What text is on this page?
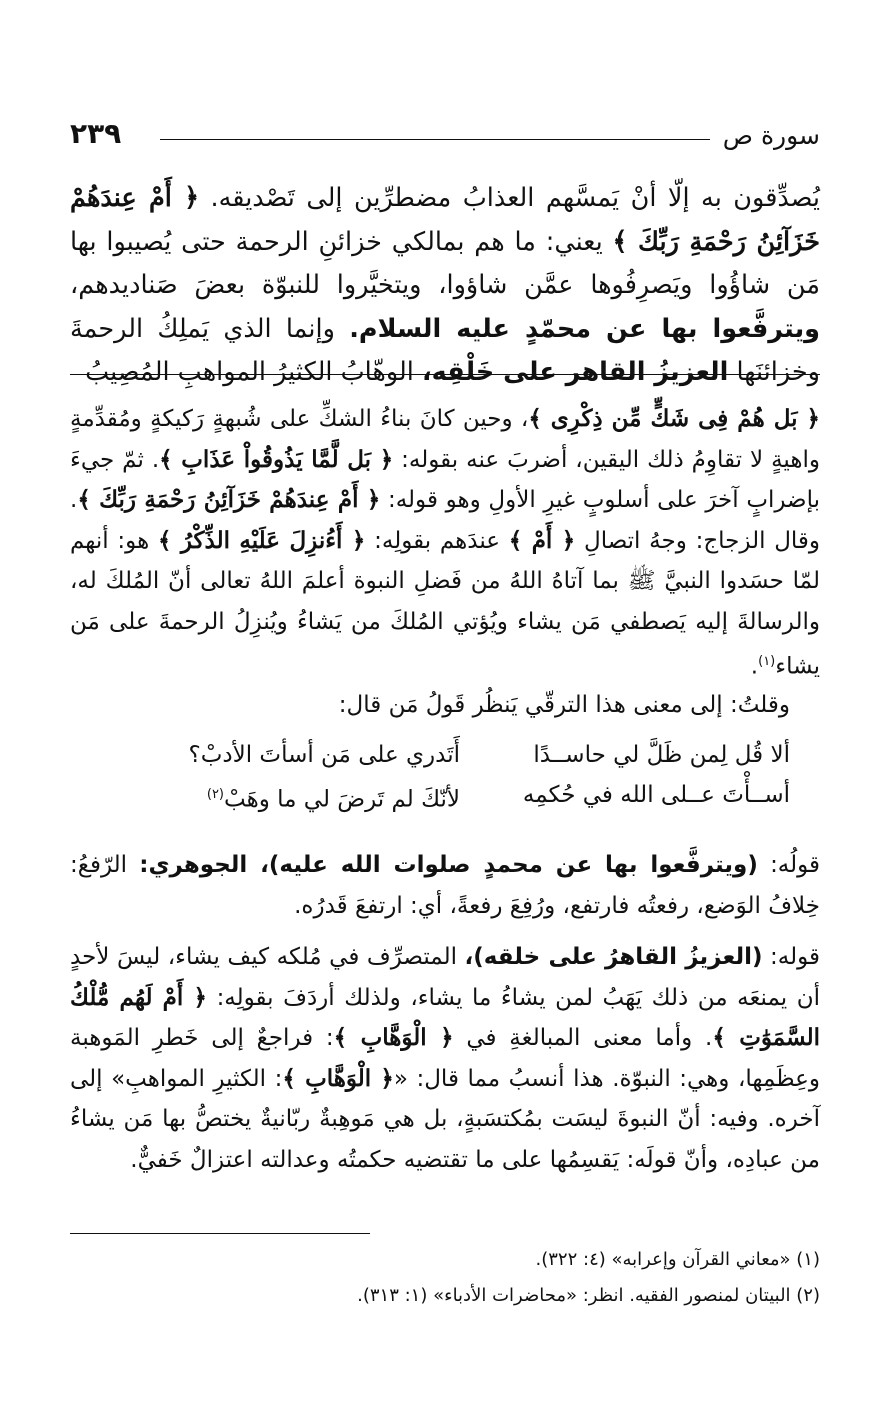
سورة ص
٢٣٩

يُصدِّقون به إلّا أنْ يَمسَّهم العذابُ مضطرِّين إلى تَصْديقه. ﴿ أَمْ عِندَهُمْ خَزَآئِنُ رَحْمَةِ رَبِّكَ ﴾ يعني: ما هم بمالكي خزائنِ الرحمة حتى يُصيبوا بها مَن شاؤُوا ويَصرِفُوها عمَّن شاؤوا، ويتخيَّروا للنبوّة بعضَ صَناديدهم، ويترفَّعوا بها عن محمّدٍ عليه السلام. وإنما الذي يَملِكُ الرحمةَ وخزائنَها العزيزُ القاهر على خَلْقِه، الوهّابُ الكثيرُ المواهبِ المُصِيبُ

﴿ بَل هُمْ فِى شَكٍّ مِّن ذِكْرِى ﴾، وحين كانَ بناءُ الشكِّ على شُبهةٍ رَكيكةٍ ومُقدِّمةٍ واهيةٍ لا تقاوِمُ ذلك اليقين، أضربَ عنه بقوله: ﴿ بَل لَّمَّا يَذُوقُواْ عَذَابِ ﴾. ثمّ جيءَ بإضرابٍ آخرَ على أسلوبٍ غيرِ الأولِ وهو قوله: ﴿ أَمْ عِندَهُمْ خَزَآئِنُ رَحْمَةِ رَبِّكَ ﴾. وقال الزجاج: وجهُ اتصالِ ﴿ أَمْ ﴾ عندَهم بقولِه: ﴿ أَءُنزِلَ عَلَيْهِ الذِّكْرُ ﴾ هو: أنهم لمّا حسَدوا النبيَّ ﷺ بما آتاهُ اللهُ من فَضلِ النبوة أعلمَ اللهُ تعالى أنّ المُلكَ له، والرسالةَ إليه يَصطفي مَن يشاء ويُؤتي المُلكَ من يَشاءُ ويُنزِلُ الرحمةَ على مَن يشاء$^{(١)}$.

وقلتُ: إلى معنى هذا الترقّي يَنظُر قَولُ مَن قال:

ألا قُل لِمن ظَلَّ لي حاســدًا
أَتَدري على مَن أسأتَ الأدبْ؟
أســأْتَ عــلى الله في حُكمِه
لأنّكَ لم تَرضَ لي ما وهَبْ$^{(٢)}$

قولُه: (ويترفَّعوا بها عن محمدٍ صلوات الله عليه)، الجوهري: الرّفعُ: خِلافُ الوَضع، رفعتُه فارتفع، ورُفِعَ رفعةً، أي: ارتفعَ قَدرُه.

قوله: (العزيزُ القاهرُ على خلقه)، المتصرِّف في مُلكه كيف يشاء، ليسَ لأحدٍ أن يمنعَه من ذلك يَهَبُ لمن يشاءُ ما يشاء، ولذلك أردَفَ بقولِه: ﴿ أَمْ لَهُم مُّلْكُ السَّمَوَٰتِ ﴾. وأما معنى المبالغةِ في ﴿ الْوَهَّابِ ﴾: فراجعٌ إلى خَطرِ المَوهبة وعِظَمِها، وهي: النبوّة. هذا أنسبُ مما قال: «﴿ الْوَهَّابِ ﴾: الكثيرِ المواهبِ» إلى آخره. وفيه: أنّ النبوةَ ليسَت بمُكتسَبةٍ، بل هي مَوهِبةٌ ربّانيةٌ يختصُّ بها مَن يشاءُ من عبادِه، وأنّ قولَه: يَقسِمُها على ما تقتضيه حكمتُه وعدالته اعتزالٌ خَفيٌّ.

(١) «معاني القرآن وإعرابه» (٤: ٣٢٢).
(٢) البيتان لمنصور الفقيه. انظر: «محاضرات الأدباء» (١: ٣١٣).
